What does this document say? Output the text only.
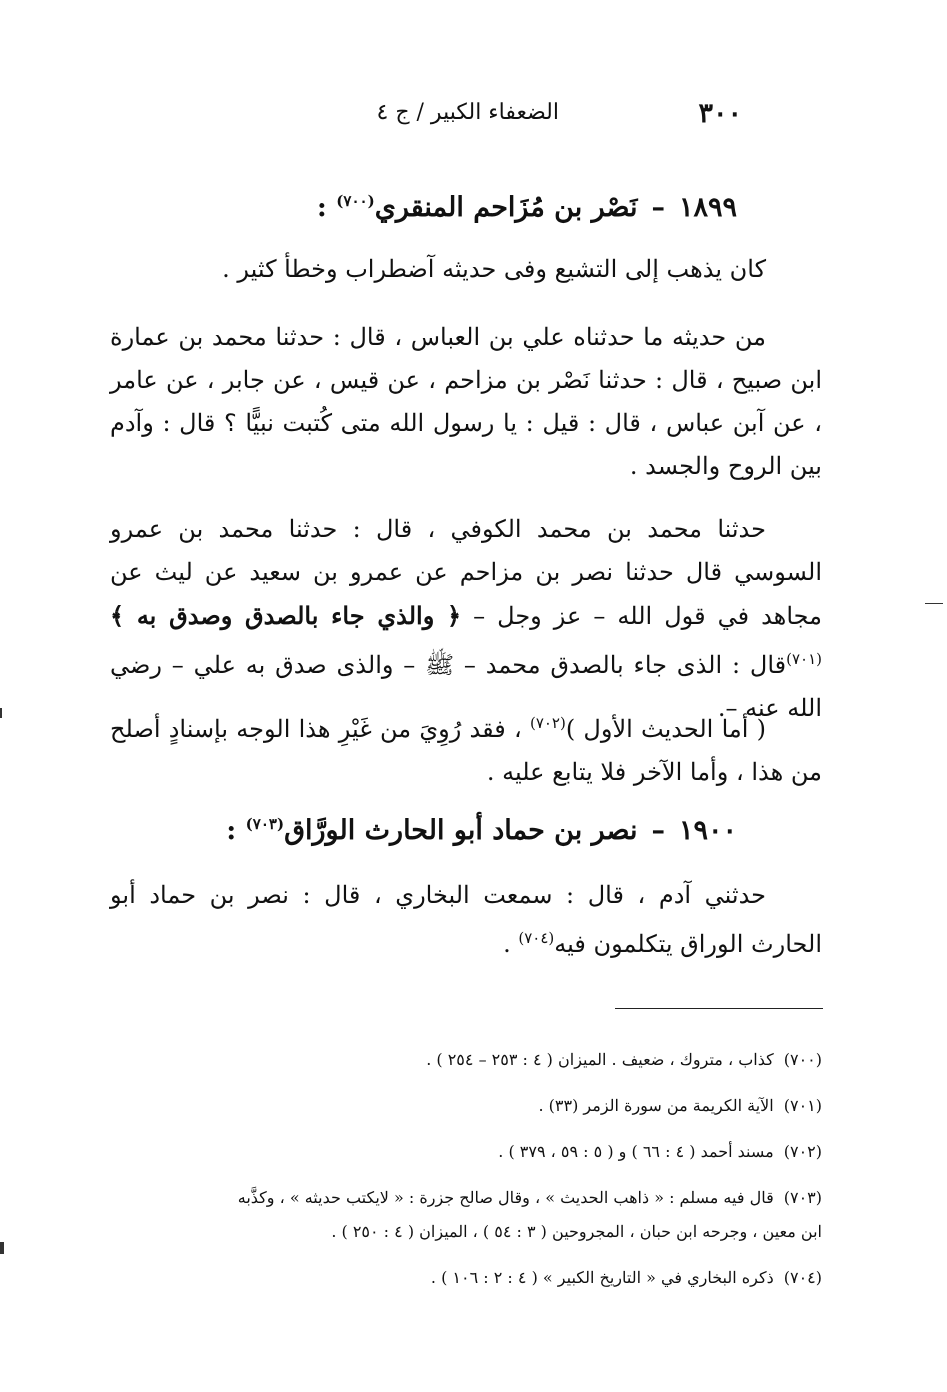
٣٠٠
الضعفاء الكبير / ج ٤
١٨٩٩–نَصْر بن مُزَاحم المنقري$^{(٧٠٠)}$ :
كان يذهب إلى التشيع وفى حديثه آضطراب وخطأ كثير .
من حديثه ما حدثناه علي بن العباس ، قال : حدثنا محمد بن عمارة ابن صبيح ، قال : حدثنا نَصْر بن مزاحم ، عن قيس ، عن جابر ، عن عامر ، عن آبن عباس ، قال : قيل : يا رسول الله متى كُتبت نبيًّا ؟ قال : وآدم بين الروح والجسد .
حدثنا محمد بن محمد الكوفي ، قال : حدثنا محمد بن عمرو السوسي قال حدثنا نصر بن مزاحم عن عمرو بن سعيد عن ليث عن مجاهد في قول الله – عز وجل – ﴿ والذي جاء بالصدق وصدق به ﴾$^{(٧٠١)}$قال : الذى جاء بالصدق محمد – ﷺ – والذى صدق به علي – رضي الله عنه –.
( أما الحديث الأول )$^{(٧٠٢)}$ ، فقد رُوِيَ من غَيْرِ هذا الوجه بإسنادٍ أصلح من هذا ، وأما الآخر فلا يتابع عليه .
١٩٠٠–نصر بن حماد أبو الحارث الورَّاق$^{(٧٠٣)}$ :
حدثني آدم ، قال : سمعت البخاري ، قال : نصر بن حماد أبو الحارث الوراق يتكلمون فيه$^{(٧٠٤)}$ .
(٧٠٠)كذاب ، متروك ، ضعيف . الميزان ( ٤ : ٢٥٣ – ٢٥٤ ) .
(٧٠١)الآية الكريمة من سورة الزمر (٣٣) .
(٧٠٢)مسند أحمد ( ٤ : ٦٦ ) و ( ٥ : ٥٩ ، ٣٧٩ ) .
(٧٠٣)قال فيه مسلم : « ذاهب الحديث » ، وقال صالح جزرة : « لايكتب حديثه » ، وكذَّبه
ابن معين ، وجرحه ابن حبان ، المجروحين ( ٣ : ٥٤ ) ، الميزان ( ٤ : ٢٥٠ ) .
(٧٠٤)ذكره البخاري في « التاريخ الكبير » ( ٤ : ٢ : ١٠٦ ) .
